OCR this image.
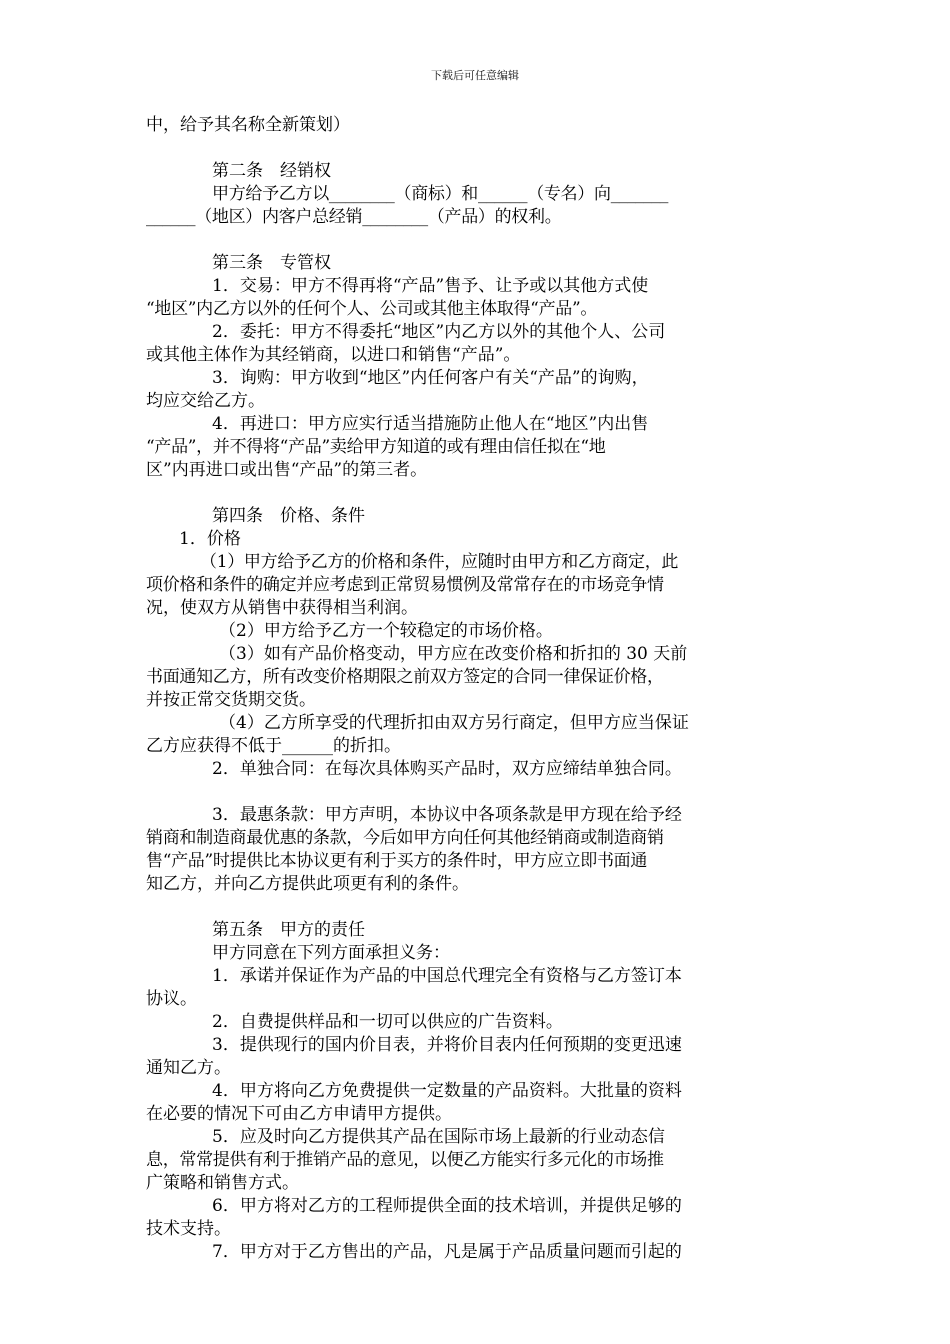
下载后可任意编辑

中，给予其名称全新策划）

第二条　经销权

甲方给予乙方以________（商标）和______（专名）向_______

______（地区）内客户总经销________（产品）的权利。

第三条　专管权

1．交易：甲方不得再将“产品”售予、让予或以其他方式使

“地区”内乙方以外的任何个人、公司或其他主体取得“产品”。

2．委托：甲方不得委托“地区”内乙方以外的其他个人、公司

或其他主体作为其经销商，以进口和销售“产品”。

3．询购：甲方收到“地区”内任何客户有关“产品”的询购，

均应交给乙方。

4．再进口：甲方应实行适当措施防止他人在“地区”内出售

“产品”，并不得将“产品”卖给甲方知道的或有理由信任拟在“地

区”内再进口或出售“产品”的第三者。

第四条　价格、条件

1．价格

（1）甲方给予乙方的价格和条件，应随时由甲方和乙方商定，此

项价格和条件的确定并应考虑到正常贸易惯例及常常存在的市场竞争情

况，使双方从销售中获得相当利润。

（2）甲方给予乙方一个较稳定的市场价格。

（3）如有产品价格变动，甲方应在改变价格和折扣的 30 天前

书面通知乙方，所有改变价格期限之前双方签定的合同一律保证价格，

并按正常交货期交货。

（4）乙方所享受的代理折扣由双方另行商定，但甲方应当保证

乙方应获得不低于______的折扣。

2．单独合同：在每次具体购买产品时，双方应缔结单独合同。

3．最惠条款：甲方声明，本协议中各项条款是甲方现在给予经

销商和制造商最优惠的条款，今后如甲方向任何其他经销商或制造商销

售“产品”时提供比本协议更有利于买方的条件时，甲方应立即书面通

知乙方，并向乙方提供此项更有利的条件。

第五条　甲方的责任

甲方同意在下列方面承担义务：

1．承诺并保证作为产品的中国总代理完全有资格与乙方签订本

协议。

2．自费提供样品和一切可以供应的广告资料。

3．提供现行的国内价目表，并将价目表内任何预期的变更迅速

通知乙方。

4．甲方将向乙方免费提供一定数量的产品资料。大批量的资料

在必要的情况下可由乙方申请甲方提供。

5．应及时向乙方提供其产品在国际市场上最新的行业动态信

息，常常提供有利于推销产品的意见，以便乙方能实行多元化的市场推

广策略和销售方式。

6．甲方将对乙方的工程师提供全面的技术培训，并提供足够的

技术支持。

7．甲方对于乙方售出的产品，凡是属于产品质量问题而引起的
